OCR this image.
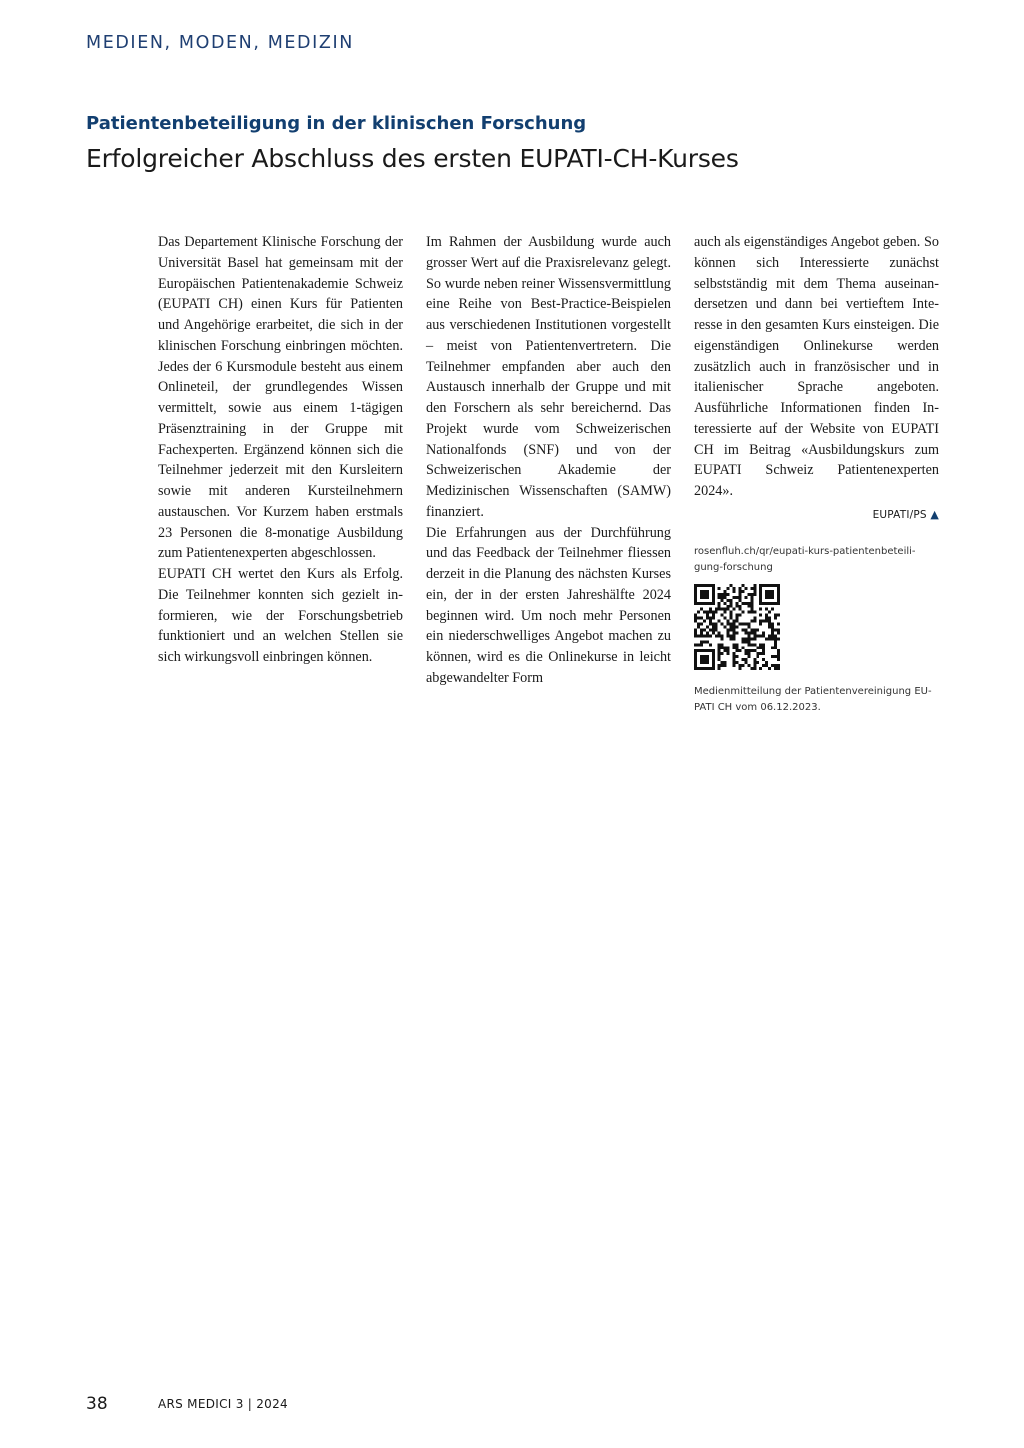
MEDIEN, MODEN, MEDIZIN
Patientenbeteiligung in der klinischen Forschung
Erfolgreicher Abschluss des ersten EUPATI-CH-Kurses

Das Departement Klinische Forschung der Universität Basel hat gemeinsam mit der Europäischen Patientenakademie Schweiz (EUPATI CH) einen Kurs für Patienten und Angehörige erarbeitet, die sich in der klinischen Forschung einbringen möchten. Jedes der 6 Kursmodule besteht aus einem Onlineteil, der grundlegendes Wissen vermittelt, sowie aus einem 1-tägigen Präsenztraining in der Gruppe mit Fachexperten. Ergänzend können sich die Teilnehmer jederzeit mit den Kursleitern sowie mit anderen Kursteilnehmern austauschen. Vor Kurzem haben erstmals 23 Personen die 8-monatige Ausbildung zum Patientenexperten abgeschlossen.

EUPATI CH wertet den Kurs als Erfolg. Die Teilnehmer konnten sich gezielt informieren, wie der Forschungsbetrieb funktioniert und an welchen Stellen sie sich wirkungsvoll einbringen können.

Im Rahmen der Ausbildung wurde auch grosser Wert auf die Praxisrelevanz gelegt. So wurde neben reiner Wissensvermittlung eine Reihe von Best-Practice-Beispielen aus verschiedenen Institutionen vorgestellt – meist von Patientenvertretern. Die Teilnehmer empfanden aber auch den Austausch innerhalb der Gruppe und mit den Forschern als sehr bereichernd. Das Projekt wurde vom Schweizerischen Nationalfonds (SNF) und von der Schweizerischen Akademie der Medizinischen Wissenschaften (SAMW) finanziert.

Die Erfahrungen aus der Durchführung und das Feedback der Teilnehmer fliessen derzeit in die Planung des nächsten Kurses ein, der in der ersten Jahreshälfte 2024 beginnen wird. Um noch mehr Personen ein niederschwelliges Angebot machen zu können, wird es die Onlinekurse in leicht abgewandelter Form

auch als eigenständiges Angebot geben. So können sich Interessierte zunächst selbstständig mit dem Thema auseinandersetzen und dann bei vertieftem Interesse in den gesamten Kurs einsteigen. Die eigenständigen Onlinekurse werden zusätzlich auch in französischer und in italienischer Sprache angeboten. Ausführliche Informationen finden Interessierte auf der Website von EUPATI CH im Beitrag «Ausbildungskurs zum EUPATI Schweiz Patientenexperten 2024».

EUPATI/PS ▲
rosenfluh.ch/qr/eupati-kurs-patientenbeteiligung-forschung
Medienmitteilung der Patientenvereinigung EUPATI CH vom 06.12.2023.
38	ARS MEDICI 3 | 2024
